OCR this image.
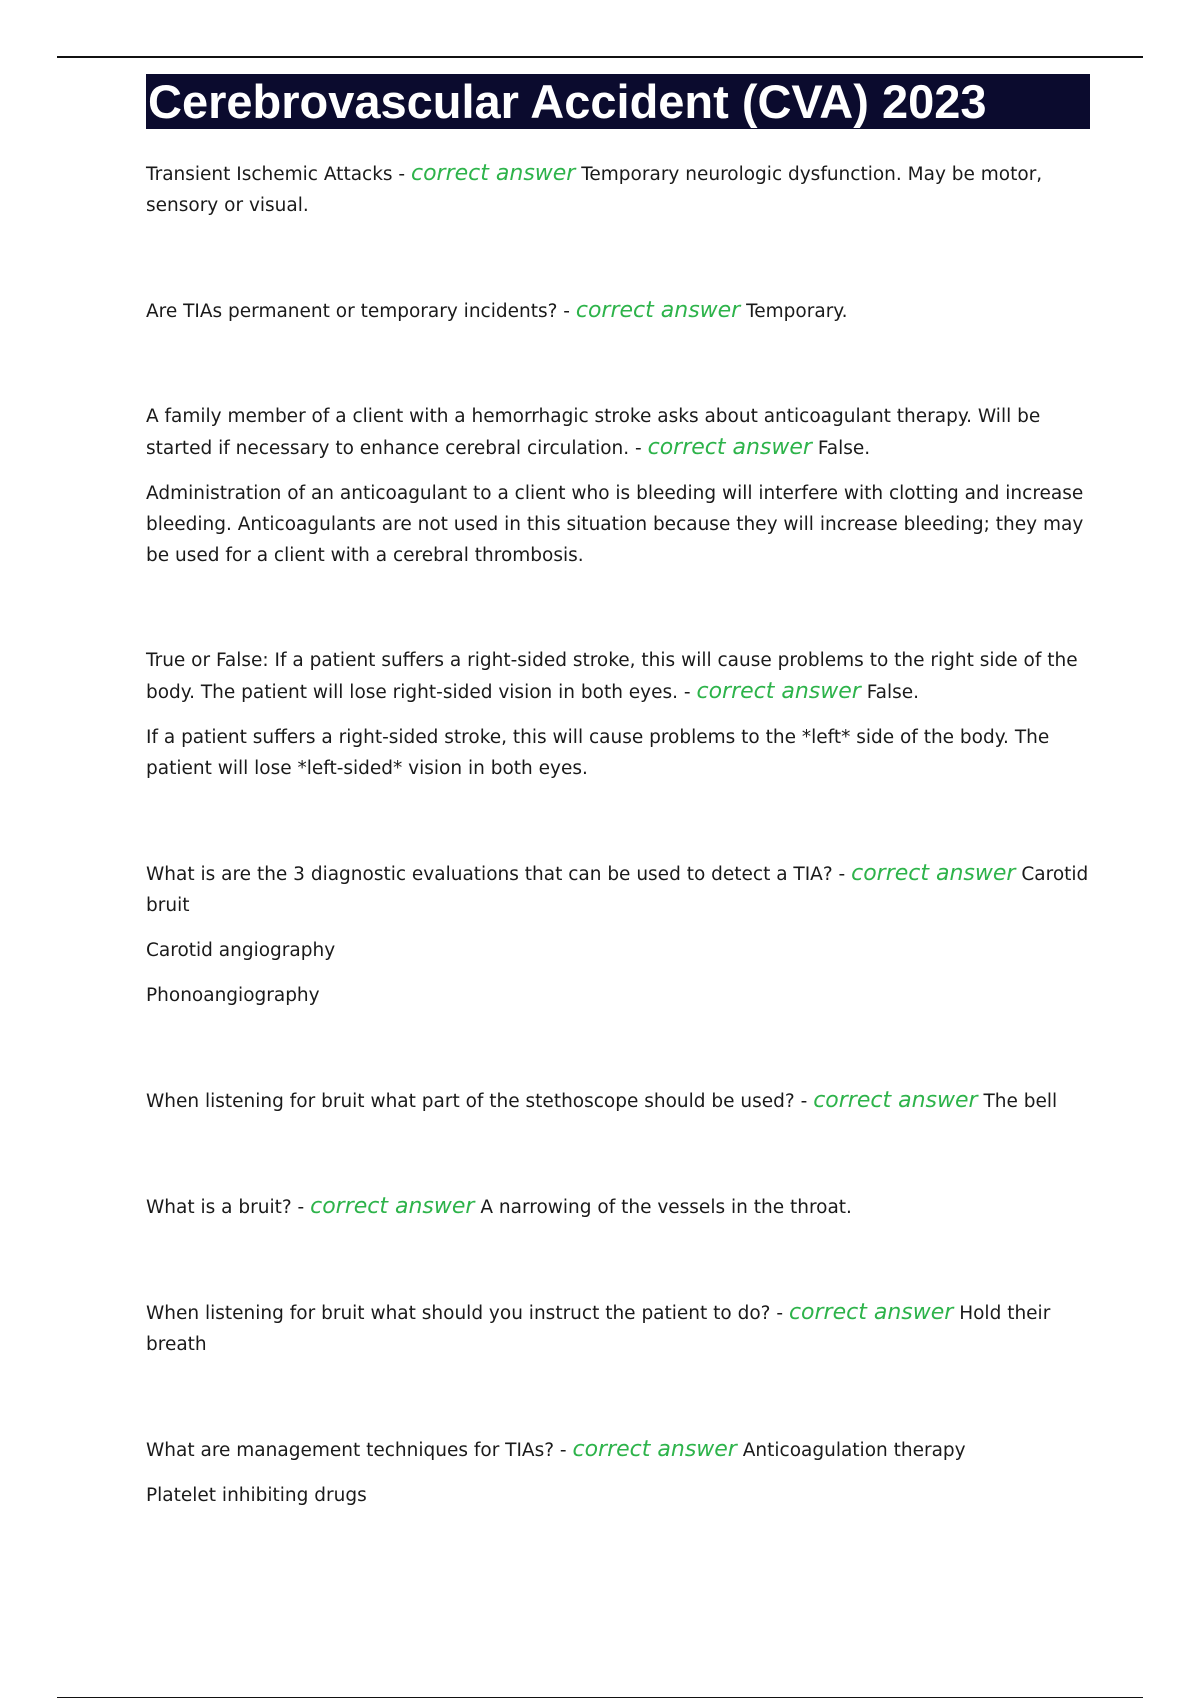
Cerebrovascular Accident (CVA) 2023

Transient Ischemic Attacks - correct answer Temporary neurologic dysfunction. May be motor, sensory or visual.

Are TIAs permanent or temporary incidents? - correct answer Temporary.

A family member of a client with a hemorrhagic stroke asks about anticoagulant therapy. Will be started if necessary to enhance cerebral circulation. - correct answer False.

Administration of an anticoagulant to a client who is bleeding will interfere with clotting and increase bleeding. Anticoagulants are not used in this situation because they will increase bleeding; they may be used for a client with a cerebral thrombosis.

True or False: If a patient suffers a right-sided stroke, this will cause problems to the right side of the body. The patient will lose right-sided vision in both eyes. - correct answer False.

If a patient suffers a right-sided stroke, this will cause problems to the *left* side of the body. The patient will lose *left-sided* vision in both eyes.

What is are the 3 diagnostic evaluations that can be used to detect a TIA? - correct answer Carotid bruit

Carotid angiography

Phonoangiography

When listening for bruit what part of the stethoscope should be used? - correct answer The bell

What is a bruit? - correct answer A narrowing of the vessels in the throat.

When listening for bruit what should you instruct the patient to do? - correct answer Hold their breath

What are management techniques for TIAs? - correct answer Anticoagulation therapy

Platelet inhibiting drugs
